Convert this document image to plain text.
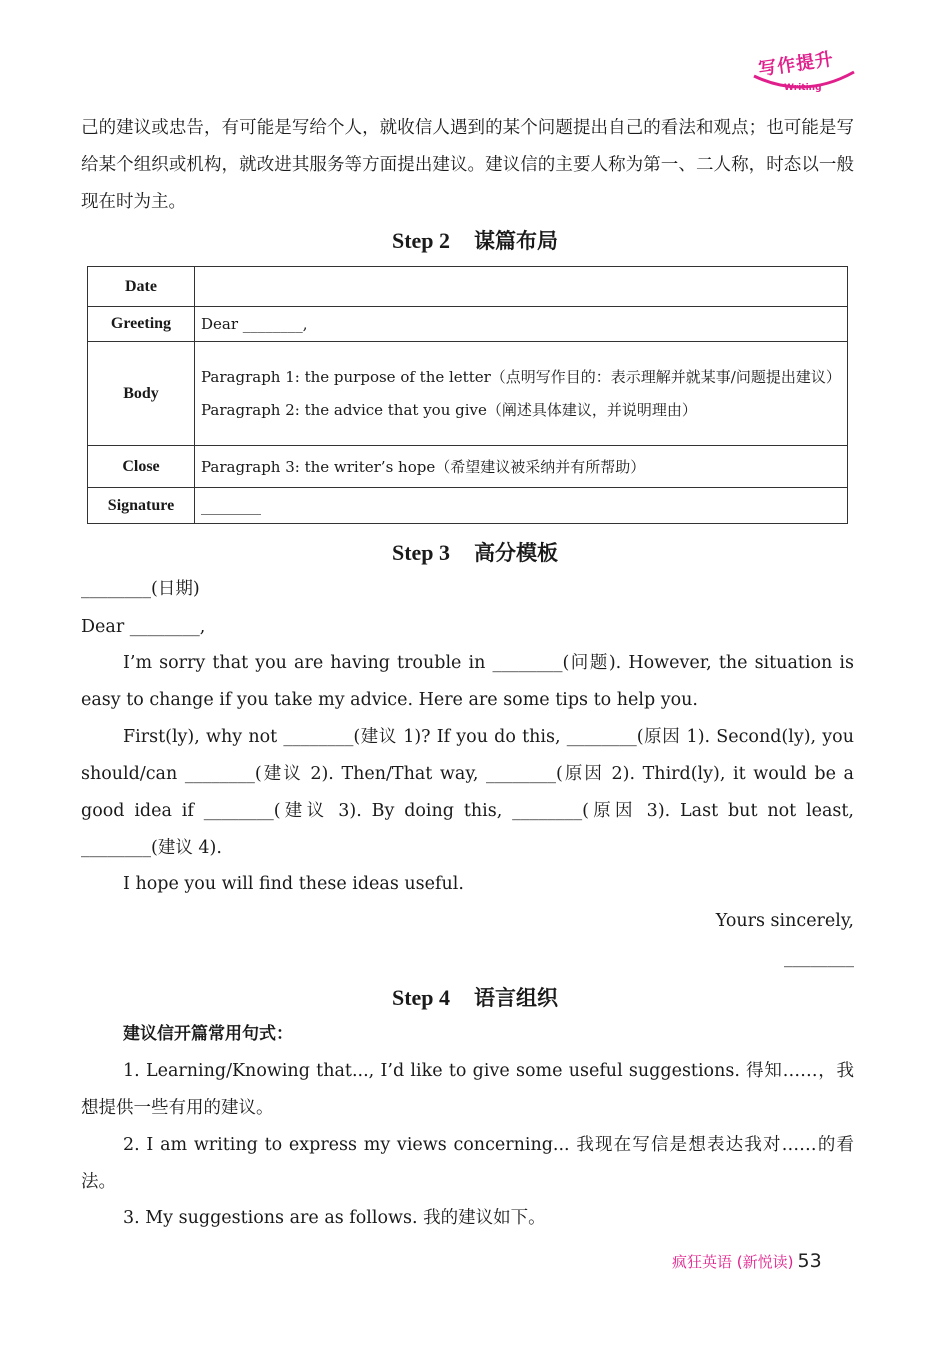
写作提升
Writing
己的建议或忠告，有可能是写给个人，就收信人遇到的某个问题提出自己的看法和观点；也可能是写给某个组织或机构，就改进其服务等方面提出建议。建议信的主要人称为第一、二人称，时态以一般现在时为主。
Step 2 谋篇布局
Date	
Greeting	Dear ________,
Body	Paragraph 1: the purpose of the letter（点明写作目的：表示理解并就某事/问题提出建议）
Paragraph 2: the advice that you give（阐述具体建议，并说明理由）

Close	Paragraph 3: the writer’s hope（希望建议被采纳并有所帮助）
Signature	________
Step 3 高分模板
________(日期)
Dear ________,
I’m sorry that you are having trouble in ________(问题). However, the situation is easy to change if you take my advice. Here are some tips to help you.
First(ly), why not ________(建议 1)? If you do this, ________(原因 1). Second(ly), you should/can ________(建议 2). Then/That way, ________(原因 2). Third(ly), it would be a good idea if ________(建议 3). By doing this, ________(原因 3). Last but not least, ________(建议 4).
I hope you will find these ideas useful.
Yours sincerely,
________
Step 4 语言组织
建议信开篇常用句式：
1. Learning/Knowing that..., I’d like to give some useful suggestions. 得知……，我想提供一些有用的建议。
2. I am writing to express my views concerning... 我现在写信是想表达我对……的看法。
3. My suggestions are as follows. 我的建议如下。
疯狂英语 (新悦读) 53
